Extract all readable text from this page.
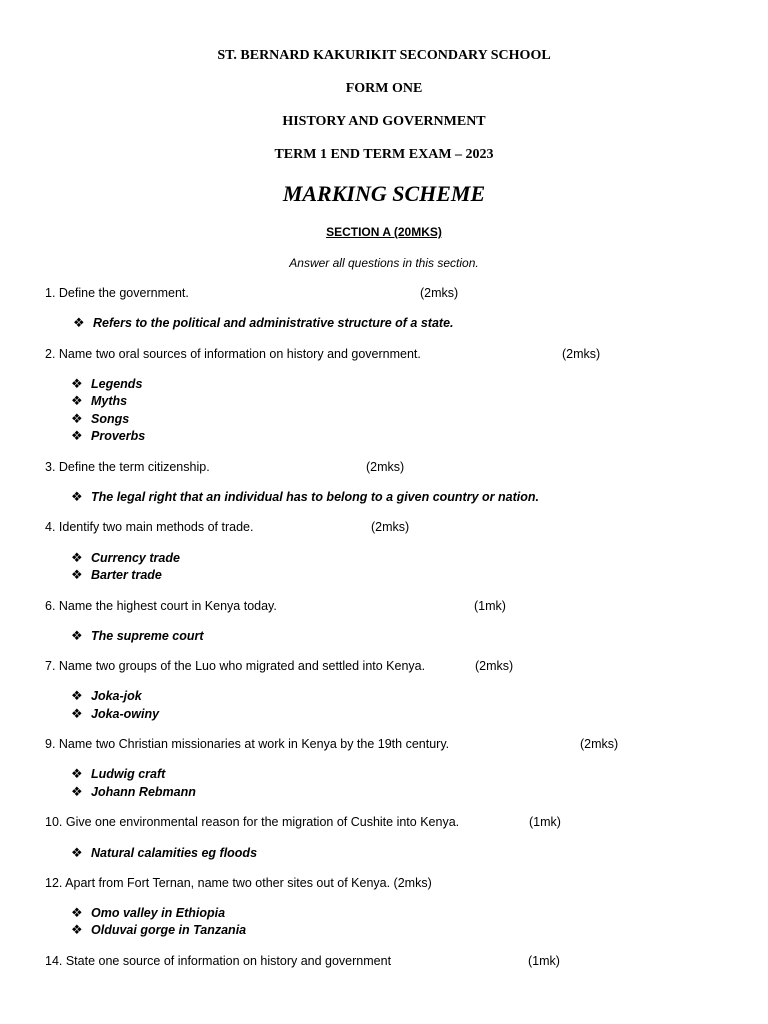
ST. BERNARD KAKURIKIT SECONDARY SCHOOL
FORM ONE
HISTORY AND GOVERNMENT
TERM 1 END TERM EXAM – 2023
MARKING SCHEME
SECTION A (20MKS)
Answer all questions in this section.
1. Define the government.	(2mks)
❖ Refers to the political and administrative structure of a state.
2. Name two oral sources of information on history and government.	(2mks)
❖ Legends
❖ Myths
❖ Songs
❖ Proverbs
3. Define the term citizenship.	(2mks)
❖ The legal right that an individual has to belong to a given country or nation.
4. Identify two main methods of trade.	(2mks)
❖ Currency trade
❖ Barter trade
6. Name the highest court in Kenya today.	(1mk)
❖ The supreme court
7. Name two groups of the Luo who migrated and settled into Kenya.	(2mks)
❖ Joka-jok
❖ Joka-owiny
9. Name two Christian missionaries at work in Kenya by the 19th century.	(2mks)
❖ Ludwig craft
❖ Johann Rebmann
10. Give one environmental reason for the migration of Cushite into Kenya.	(1mk)
❖ Natural calamities eg floods
12. Apart from Fort Ternan, name two other sites out of Kenya. (2mks)
❖ Omo valley in Ethiopia
❖ Olduvai gorge in Tanzania
14. State one source of information on history and government	(1mk)
